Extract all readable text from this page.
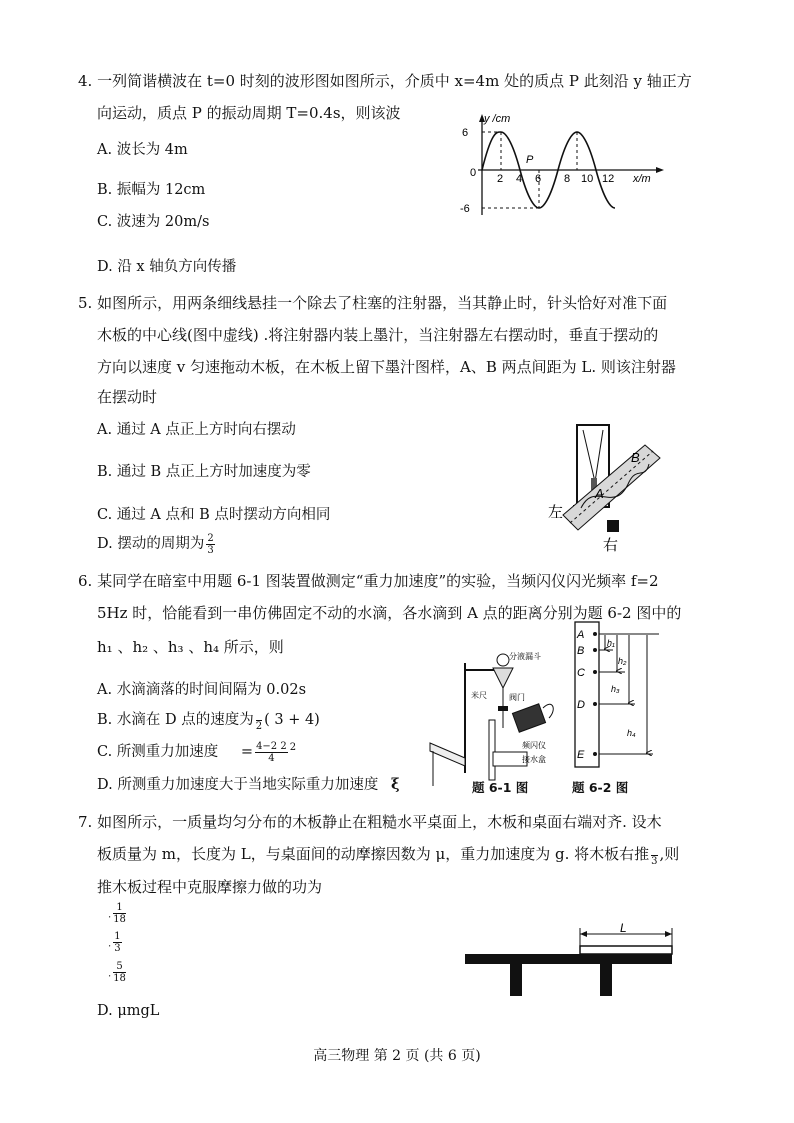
4. 一列简谐横波在 t=0 时刻的波形图如图所示，介质中 x=4m 处的质点 P 此刻沿 y 轴正方
向运动，质点 P 的振动周期 T=0.4s，则该波
A. 波长为 4m
B. 振幅为 12cm
C. 波速为 20m/s
D. 沿 x 轴负方向传播
y /cm
6
0
-6
2 4 6 8 10 12 x/m
P
5. 如图所示，用两条细线悬挂一个除去了柱塞的注射器，当其静止时，针头恰好对准下面
木板的中心线(图中虚线) .将注射器内装上墨汁，当注射器左右摆动时，垂直于摆动的
方向以速度 v 匀速拖动木板，在木板上留下墨汁图样，A、B 两点间距为 L. 则该注射器
在摆动时
A. 通过 A 点正上方时向右摆动
B. 通过 B 点正上方时加速度为零
C. 通过 A 点和 B 点时摆动方向相同
D. 摆动的周期为 $\frac{2}{3}$
A
B
左
右
6. 某同学在暗室中用题 6-1 图装置做测定“重力加速度”的实验，当频闪仪闪光频率 f=2
5Hz 时，恰能看到一串仿佛固定不动的水滴，各水滴到 A 点的距离分别为题 6-2 图中的
h₁ 、h₂ 、h₃ 、h₄ 所示，则
A. 水滴滴落的时间间隔为 0.02s
B. 水滴在 D 点的速度为
2 ( 3 + 4)
C. 所测重力加速度 = $\frac{4-2 2}{4} ^2$
D. 所测重力加速度大于当地实际重力加速度 ξ
分液漏斗
阀门
米尺
频闪仪
接水盒
题 6-1 图
A
B
C
D
E
h₁
h₂
h₃
h₄
题 6-2 图
7. 如图所示，一质量均匀分布的木板静止在粗糙水平桌面上，木板和桌面右端对齐. 设木
板质量为 m，长度为 L，与桌面间的动摩擦因数为 μ，重力加速度为 g. 将木板右推
3 ,则
推木板过程中克服摩擦力做的功为
. $\frac{1}{18}$
. $\frac{1}{3}$
. $\frac{5}{18}$
D. μmgL
L
高三物理 第 2 页 (共 6 页)
